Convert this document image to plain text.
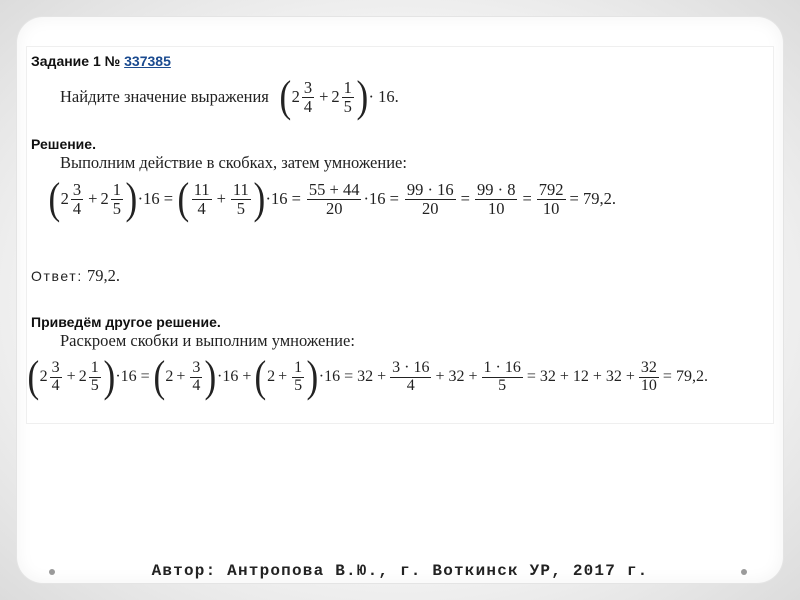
Задание 1 № 337385
Найдите значение выражения ( $2 \frac{3}{4} + 2 \frac{1}{5}$ ) · 16.
Решение.
Выполним действие в скобках, затем умножение:
( $2 \frac{3}{4} + 2 \frac{1}{5}$ ) ·16 = ( $\frac{11}{4} + \frac{11}{5}$ ) $\cdot 16 = \frac{55 + 44}{20} \cdot 16 = \frac{99 \cdot 16}{20} = \frac{99 \cdot 8}{10} = \frac{792}{10} = 79,2$.
Ответ: 79,2.
Приведём другое решение.
Раскроем скобки и выполним умножение:
( $2 \frac{3}{4} + 2 \frac{1}{5}$ ) ·16 = ( $2 + \frac{3}{4}$ ) ·16 + ( $2 + \frac{1}{5}$ ) $\cdot 16 = 32 + \frac{3 \cdot 16}{4} + 32 + \frac{1 \cdot 16}{5} = 32 + 12 + 32 + \frac{32}{10} = 79,2$.
Автор: Антропова В.Ю., г. Воткинск УР, 2017 г.
